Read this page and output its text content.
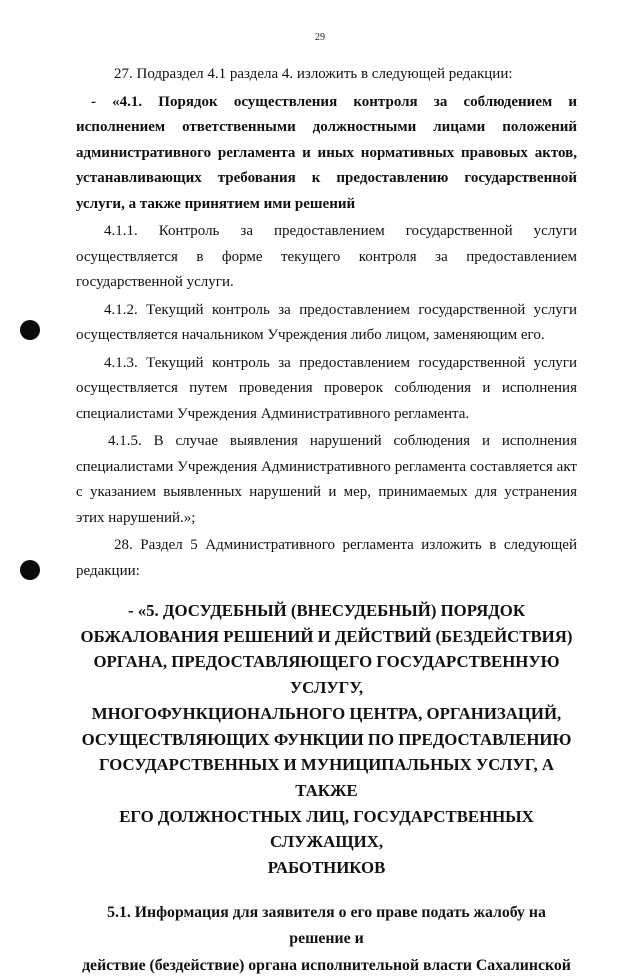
29

27. Подраздел 4.1 раздела 4. изложить в следующей редакции:

- «4.1. Порядок осуществления контроля за соблюдением и
исполнением ответственными должностными лицами положений
административного регламента и иных нормативных правовых актов,
устанавливающих требования к предоставлению государственной
услуги, а также принятием ими решений

4.1.1. Контроль за предоставлением государственной услуги
осуществляется в форме текущего контроля за предоставлением
государственной услуги.

4.1.2. Текущий контроль за предоставлением государственной услуги
осуществляется начальником Учреждения либо лицом, заменяющим его.

4.1.3. Текущий контроль за предоставлением государственной услуги
осуществляется путем проведения проверок соблюдения и исполнения
специалистами Учреждения Административного регламента.

4.1.5. В случае выявления нарушений соблюдения и исполнения
специалистами Учреждения Административного регламента составляется акт
с указанием выявленных нарушений и мер, принимаемых для устранения
этих нарушений.»;

28. Раздел 5 Административного регламента изложить в следующей
редакции:

- «5. ДОСУДЕБНЫЙ (ВНЕСУДЕБНЫЙ) ПОРЯДОК
ОБЖАЛОВАНИЯ РЕШЕНИЙ И ДЕЙСТВИЙ (БЕЗДЕЙСТВИЯ)
ОРГАНА, ПРЕДОСТАВЛЯЮЩЕГО ГОСУДАРСТВЕННУЮ УСЛУГУ,
МНОГОФУНКЦИОНАЛЬНОГО ЦЕНТРА, ОРГАНИЗАЦИЙ,
ОСУЩЕСТВЛЯЮЩИХ ФУНКЦИИ ПО ПРЕДОСТАВЛЕНИЮ
ГОСУДАРСТВЕННЫХ И МУНИЦИПАЛЬНЫХ УСЛУГ, А ТАКЖЕ
ЕГО ДОЛЖНОСТНЫХ ЛИЦ, ГОСУДАРСТВЕННЫХ СЛУЖАЩИХ,
РАБОТНИКОВ
5.1. Информация для заявителя о его праве подать жалобу на решение и
действие (бездействие) органа исполнительной власти Сахалинской
